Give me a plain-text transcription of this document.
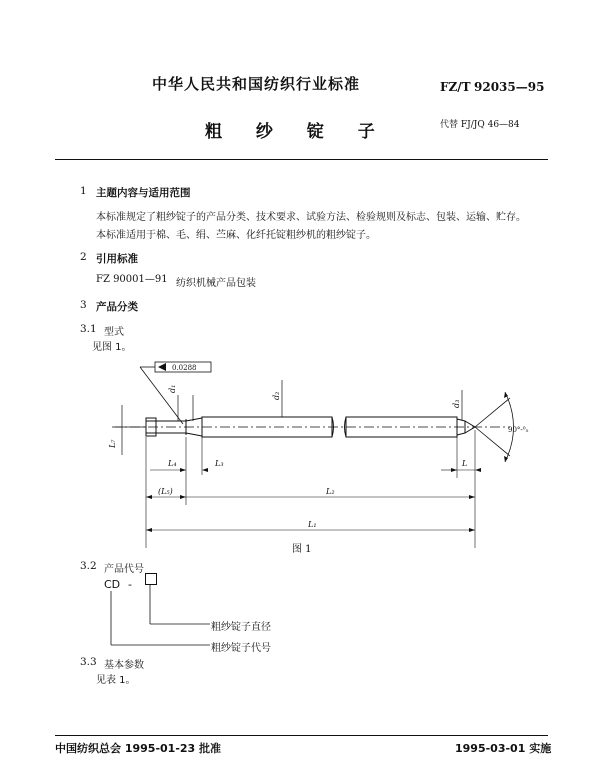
中华人民共和国纺织行业标准	FZ/T 92035—95
粗 纱 锭 子	代替 FJ/JQ 46—84
1 主题内容与适用范围
本标准规定了粗纱锭子的产品分类、技术要求、试验方法、检验规则及标志、包装、运输、贮存。
本标准适用于棉、毛、绢、苎麻、化纤托锭粗纱机的粗纱锭子。
2 引用标准
FZ 90001—91 纺织机械产品包装
3 产品分类
3.1 型式
见图 1。
0.0288
d₁
d₂
d₃
L₇
90°-⁰₅
L₄	L₃	L
(L₅)	L₂
L₁
图 1
3.2 产品代号
CD -
粗纱锭子直径
粗纱锭子代号
3.3 基本参数
见表 1。
中国纺织总会 1995-01-23 批准	1995-03-01 实施
